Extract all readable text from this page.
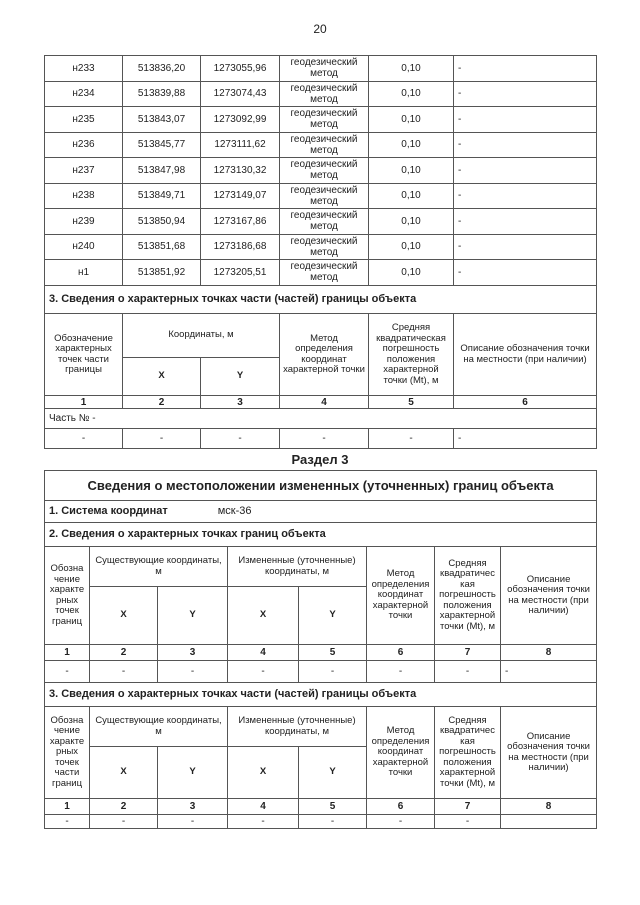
20
н233	513836,20	1273055,96	геодезический метод	0,10	-
н234	513839,88	1273074,43	геодезический метод	0,10	-
н235	513843,07	1273092,99	геодезический метод	0,10	-
н236	513845,77	1273111,62	геодезический метод	0,10	-
н237	513847,98	1273130,32	геодезический метод	0,10	-
н238	513849,71	1273149,07	геодезический метод	0,10	-
н239	513850,94	1273167,86	геодезический метод	0,10	-
н240	513851,68	1273186,68	геодезический метод	0,10	-
н1	513851,92	1273205,51	геодезический метод	0,10	-
3. Сведения о характерных точках части (частей) границы объекта					
Обозначение характерных точек части границы	Координаты, м		Метод определения координат характерной точки	Средняя квадратическая погрешность положения характерной точки (Mt), м	Описание обозначения точки на местности (при наличии)
	X	Y			
1	2	3	4	5	6
Часть № -					
-	-	-	-	-	-
Раздел 3
Сведения о местоположении измененных (уточненных) границ объекта							
1. Система координат мск-36							
2. Сведения о характерных точках границ объекта							
Обозна чение характе рных точек границ	Существующие координаты, м		Измененные (уточненные) координаты, м		Метод определения координат характерной точки	Средняя квадратичес кая погрешность положения характерной точки (Mt), м	Описание обозначения точки на местности (при наличии)
	X	Y	X	Y			
1	2	3	4	5	6	7	8
-	-	-	-	-	-	-	-
3. Сведения о характерных точках части (частей) границы объекта							
Обозна чение характе рных точек части границ	Существующие координаты, м		Измененные (уточненные) координаты, м		Метод определения координат характерной точки	Средняя квадратичес кая погрешность положения характерной точки (Mt), м	Описание обозначения точки на местности (при наличии)
	X	Y	X	Y			
1	2	3	4	5	6	7	8
-	-	-	-	-	-	-	
